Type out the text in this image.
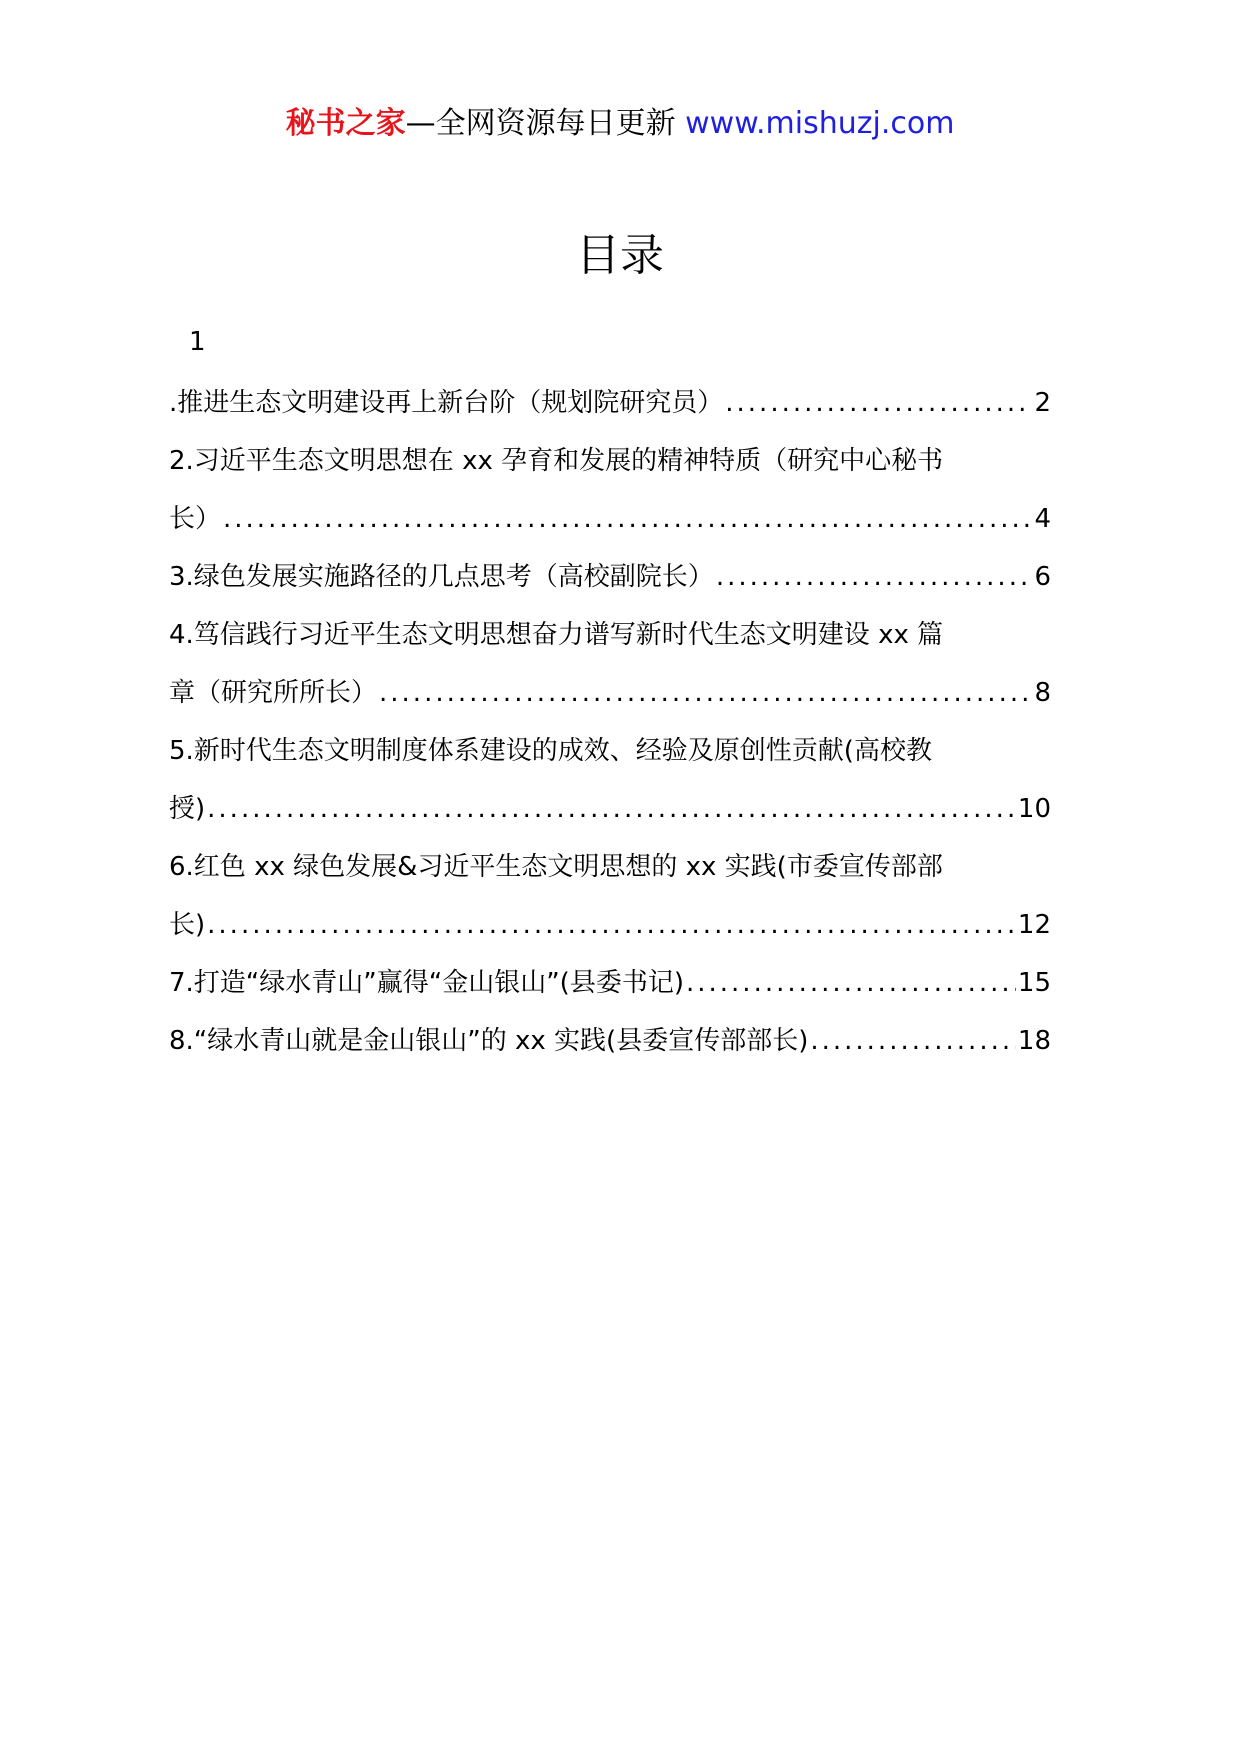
秘书之家—全网资源每日更新 www.mishuzj.com
目录
1
.推进生态文明建设再上新台阶（规划院研究员） .....	2
2.习近平生态文明思想在 xx 孕育和发展的精神特质（研究中心秘书
长） .....	4
3.绿色发展实施路径的几点思考（高校副院长） .....	6
4.笃信践行习近平生态文明思想奋力谱写新时代生态文明建设 xx 篇
章（研究所所长） .....	8
5.新时代生态文明制度体系建设的成效、经验及原创性贡献(高校教
授) .....	10
6.红色 xx 绿色发展&习近平生态文明思想的 xx 实践(市委宣传部部
长) .....	12
7.打造“绿水青山”赢得“金山银山”(县委书记) .....	15
8.“绿水青山就是金山银山”的 xx 实践(县委宣传部部长) .....	18
